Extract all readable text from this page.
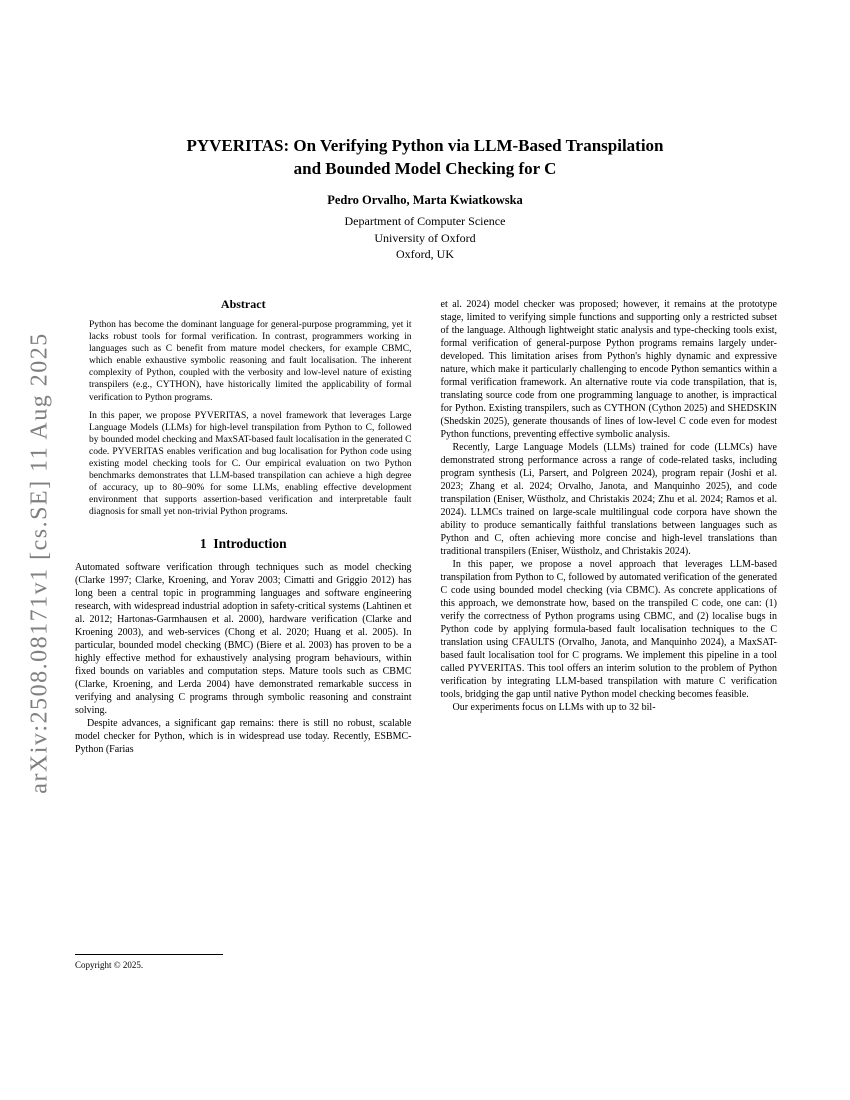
arXiv:2508.08171v1 [cs.SE] 11 Aug 2025
PYVERITAS: On Verifying Python via LLM-Based Transpilation
and Bounded Model Checking for C
Pedro Orvalho, Marta Kwiatkowska
Department of Computer Science
University of Oxford
Oxford, UK
Abstract

Python has become the dominant language for general-purpose programming, yet it lacks robust tools for formal verification. In contrast, programmers working in languages such as C benefit from mature model checkers, for example CBMC, which enable exhaustive symbolic reasoning and fault localisation. The inherent complexity of Python, coupled with the verbosity and low-level nature of existing transpilers (e.g., CYTHON), have historically limited the applicability of formal verification to Python programs.

In this paper, we propose PYVERITAS, a novel framework that leverages Large Language Models (LLMs) for high-level transpilation from Python to C, followed by bounded model checking and MaxSAT-based fault localisation in the generated C code. PYVERITAS enables verification and bug localisation for Python code using existing model checking tools for C. Our empirical evaluation on two Python benchmarks demonstrates that LLM-based transpilation can achieve a high degree of accuracy, up to 80–90% for some LLMs, enabling effective development environment that supports assertion-based verification and interpretable fault diagnosis for small yet non-trivial Python programs.

1 Introduction

Automated software verification through techniques such as model checking (Clarke 1997; Clarke, Kroening, and Yorav 2003; Cimatti and Griggio 2012) has long been a central topic in programming languages and software engineering research, with widespread industrial adoption in safety-critical systems (Lahtinen et al. 2012; Hartonas-Garmhausen et al. 2000), hardware verification (Clarke and Kroening 2003), and web-services (Chong et al. 2020; Huang et al. 2005). In particular, bounded model checking (BMC) (Biere et al. 2003) has proven to be a highly effective method for exhaustively analysing program behaviours, within fixed bounds on variables and computation steps. Mature tools such as CBMC (Clarke, Kroening, and Lerda 2004) have demonstrated remarkable success in verifying and analysing C programs through symbolic reasoning and constraint solving.

Despite advances, a significant gap remains: there is still no robust, scalable model checker for Python, which is in widespread use today. Recently, ESBMC-Python (Farias

et al. 2024) model checker was proposed; however, it remains at the prototype stage, limited to verifying simple functions and supporting only a restricted subset of the language. Although lightweight static analysis and type-checking tools exist, formal verification of general-purpose Python programs remains largely under-developed. This limitation arises from Python's highly dynamic and expressive nature, which make it particularly challenging to encode Python semantics within a formal verification framework. An alternative route via code transpilation, that is, translating source code from one programming language to another, is impractical for Python. Existing transpilers, such as CYTHON (Cython 2025) and SHEDSKIN (Shedskin 2025), generate thousands of lines of low-level C code even for modest Python functions, preventing effective symbolic analysis.

Recently, Large Language Models (LLMs) trained for code (LLMCs) have demonstrated strong performance across a range of code-related tasks, including program synthesis (Li, Parsert, and Polgreen 2024), program repair (Joshi et al. 2023; Zhang et al. 2024; Orvalho, Janota, and Manquinho 2025), and code transpilation (Eniser, Wüstholz, and Christakis 2024; Zhu et al. 2024; Ramos et al. 2024). LLMCs trained on large-scale multilingual code corpora have shown the ability to produce semantically faithful translations between languages such as Python and C, often achieving more concise and high-level translations than traditional transpilers (Eniser, Wüstholz, and Christakis 2024).

In this paper, we propose a novel approach that leverages LLM-based transpilation from Python to C, followed by automated verification of the generated C code using bounded model checking (via CBMC). As concrete applications of this approach, we demonstrate how, based on the transpiled C code, one can: (1) verify the correctness of Python programs using CBMC, and (2) localise bugs in Python code by applying formula-based fault localisation techniques to the C translation using CFAULTS (Orvalho, Janota, and Manquinho 2024), a MaxSAT-based fault localisation tool for C programs. We implement this pipeline in a tool called PYVERITAS. This tool offers an interim solution to the problem of Python verification by integrating LLM-based transpilation with mature C verification tools, bridging the gap until native Python model checking becomes feasible.

Our experiments focus on LLMs with up to 32 bil-

Copyright © 2025.
